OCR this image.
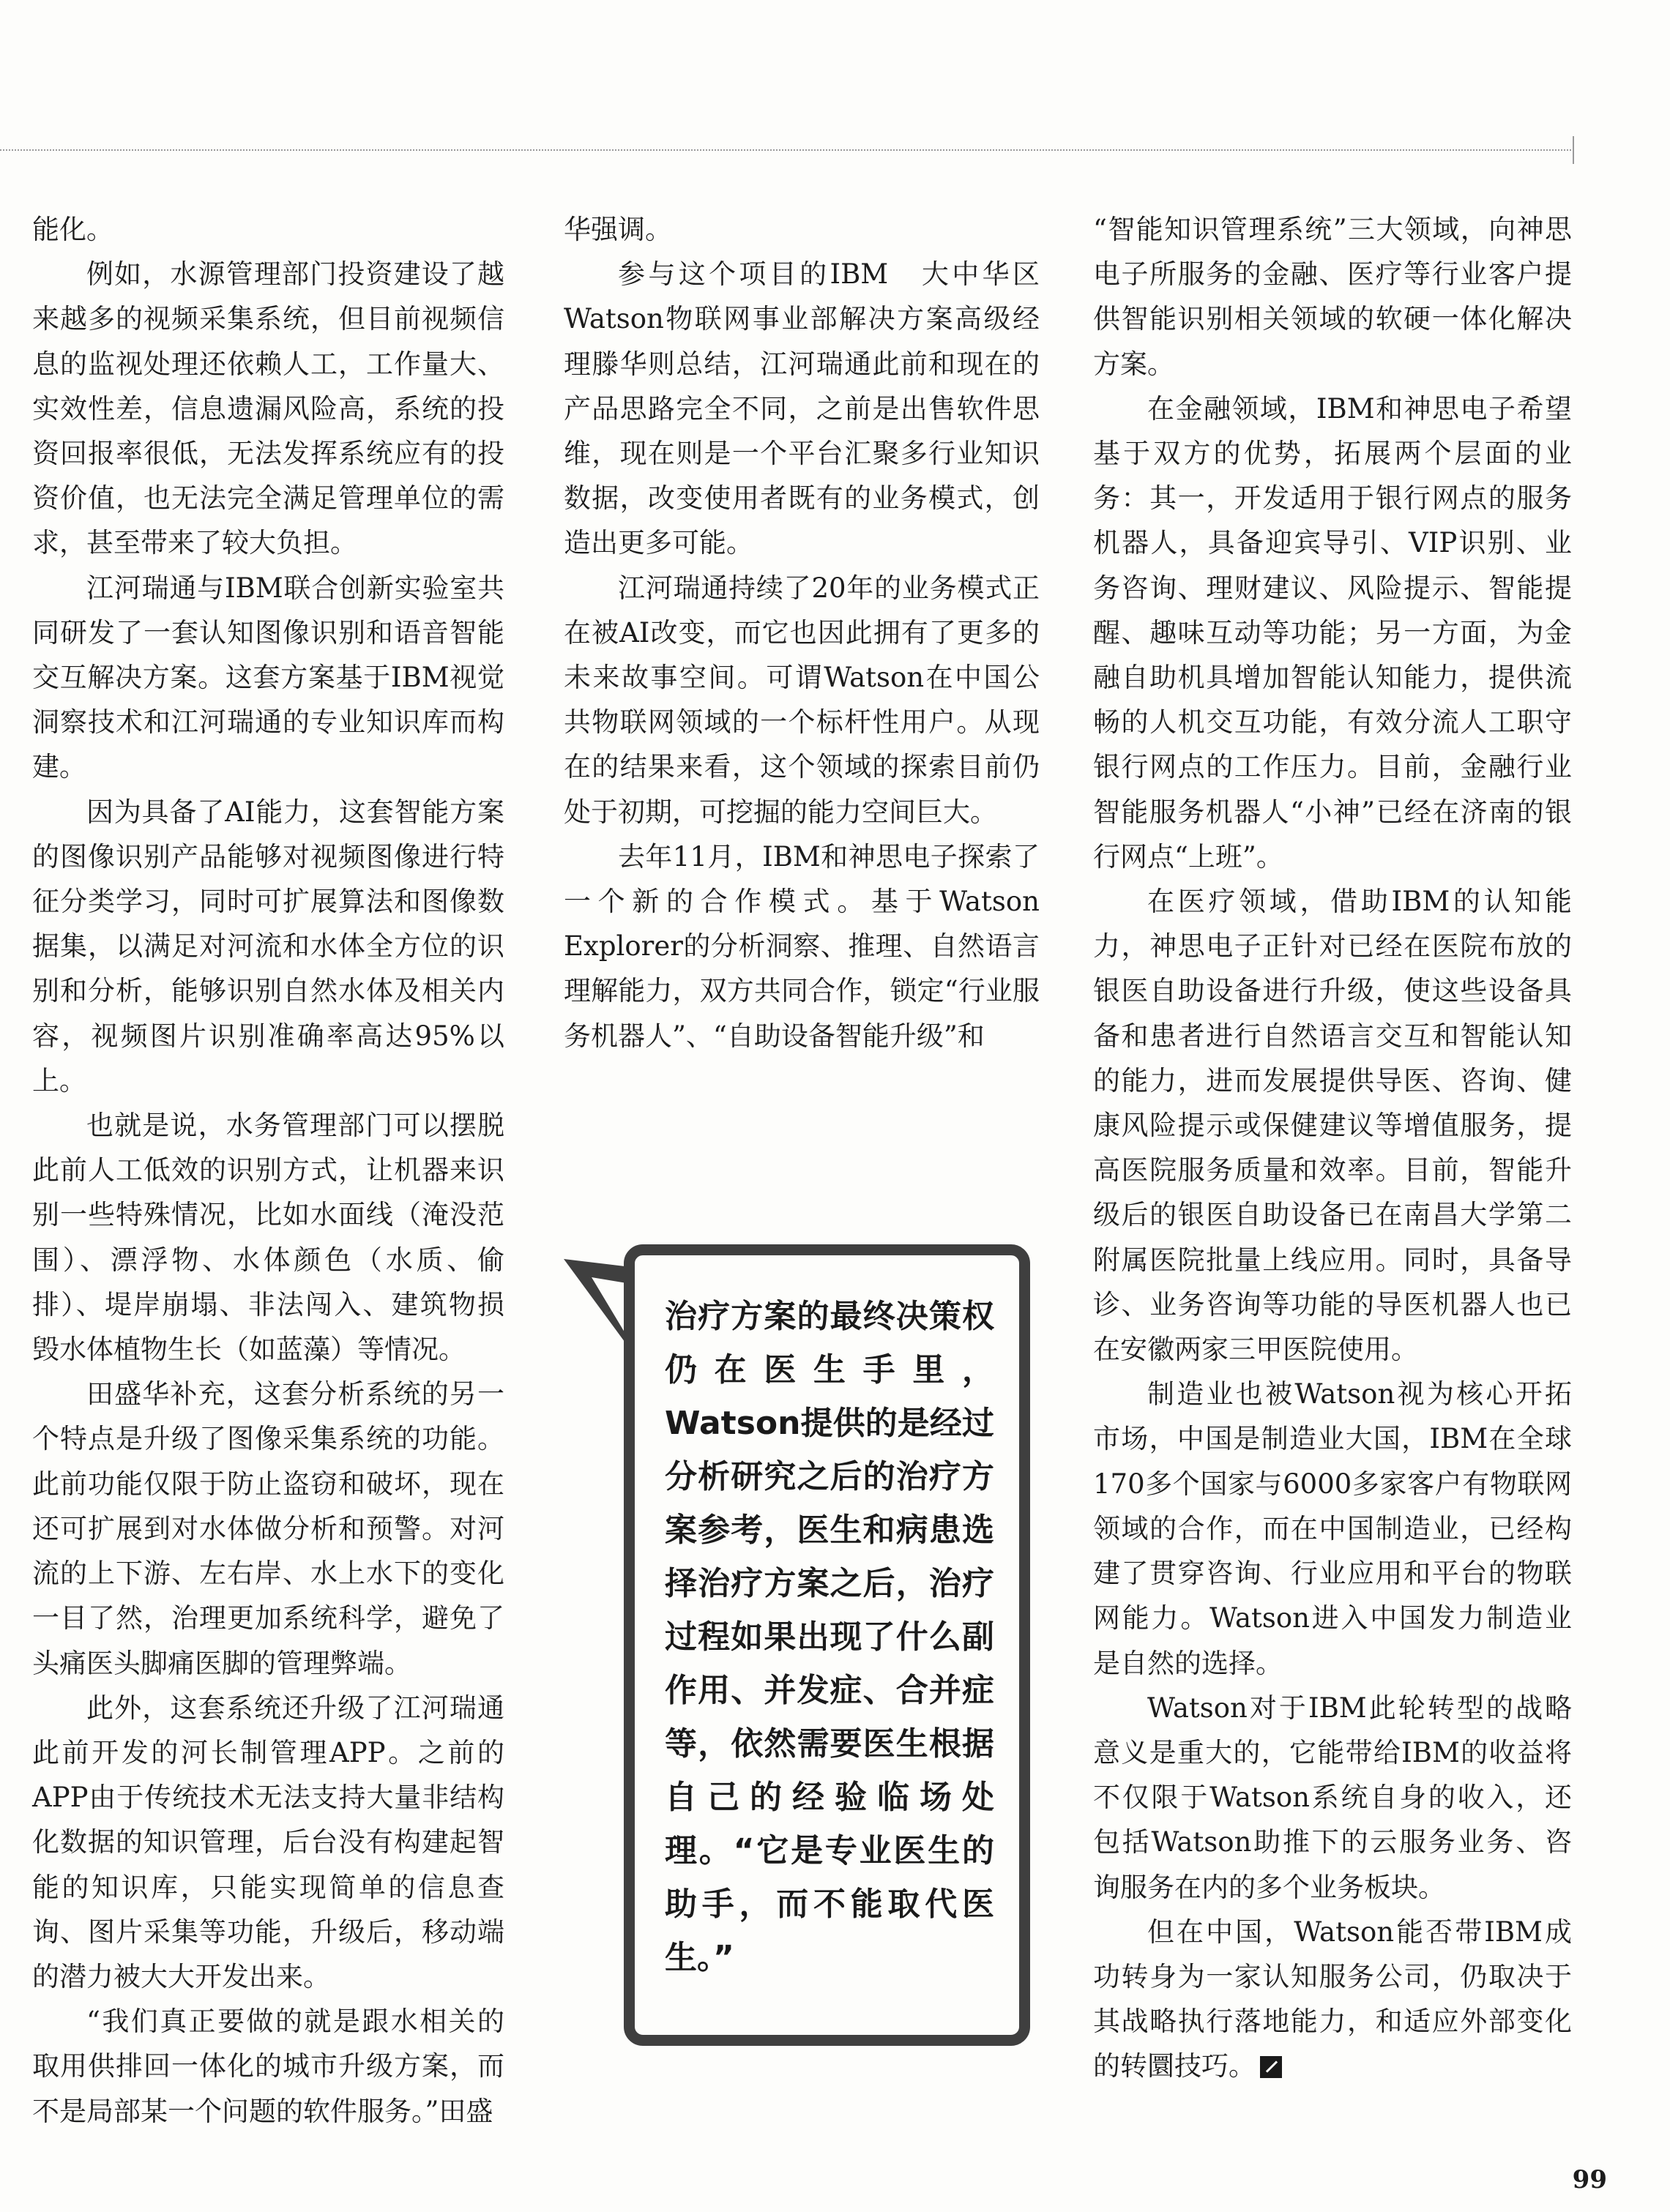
能化。

例如，水源管理部门投资建设了越来越多的视频采集系统，但目前视频信息的监视处理还依赖人工，工作量大、实效性差，信息遗漏风险高，系统的投资回报率很低，无法发挥系统应有的投资价值，也无法完全满足管理单位的需求，甚至带来了较大负担。

江河瑞通与IBM联合创新实验室共同研发了一套认知图像识别和语音智能交互解决方案。这套方案基于IBM视觉洞察技术和江河瑞通的专业知识库而构建。

因为具备了AI能力，这套智能方案的图像识别产品能够对视频图像进行特征分类学习，同时可扩展算法和图像数据集，以满足对河流和水体全方位的识别和分析，能够识别自然水体及相关内容，视频图片识别准确率高达95%以上。

也就是说，水务管理部门可以摆脱此前人工低效的识别方式，让机器来识别一些特殊情况，比如水面线（淹没范围）、漂浮物、水体颜色（水质、偷排）、堤岸崩塌、非法闯入、建筑物损毁水体植物生长（如蓝藻）等情况。

田盛华补充，这套分析系统的另一个特点是升级了图像采集系统的功能。此前功能仅限于防止盗窃和破坏，现在还可扩展到对水体做分析和预警。对河流的上下游、左右岸、水上水下的变化一目了然，治理更加系统科学，避免了头痛医头脚痛医脚的管理弊端。

此外，这套系统还升级了江河瑞通此前开发的河长制管理APP。之前的APP由于传统技术无法支持大量非结构化数据的知识管理，后台没有构建起智能的知识库，只能实现简单的信息查询、图片采集等功能，升级后，移动端的潜力被大大开发出来。

“我们真正要做的就是跟水相关的取用供排回一体化的城市升级方案，而不是局部某一个问题的软件服务。”田盛

华强调。

参与这个项目的IBM　大中华区Watson物联网事业部解决方案高级经理滕华则总结，江河瑞通此前和现在的产品思路完全不同，之前是出售软件思维，现在则是一个平台汇聚多行业知识数据，改变使用者既有的业务模式，创造出更多可能。

江河瑞通持续了20年的业务模式正在被AI改变，而它也因此拥有了更多的未来故事空间。可谓Watson在中国公共物联网领域的一个标杆性用户。从现在的结果来看，这个领域的探索目前仍处于初期，可挖掘的能力空间巨大。

去年11月，IBM和神思电子探索了一个新的合作模式。基于Watson Explorer的分析洞察、推理、自然语言理解能力，双方共同合作，锁定“行业服务机器人”、“自助设备智能升级”和

“智能知识管理系统”三大领域，向神思电子所服务的金融、医疗等行业客户提供智能识别相关领域的软硬一体化解决方案。

在金融领域，IBM和神思电子希望基于双方的优势，拓展两个层面的业务：其一，开发适用于银行网点的服务机器人，具备迎宾导引、VIP识别、业务咨询、理财建议、风险提示、智能提醒、趣味互动等功能；另一方面，为金融自助机具增加智能认知能力，提供流畅的人机交互功能，有效分流人工职守银行网点的工作压力。目前，金融行业智能服务机器人“小神”已经在济南的银行网点“上班”。

在医疗领域，借助IBM的认知能力，神思电子正针对已经在医院布放的银医自助设备进行升级，使这些设备具备和患者进行自然语言交互和智能认知的能力，进而发展提供导医、咨询、健康风险提示或保健建议等增值服务，提高医院服务质量和效率。目前，智能升级后的银医自助设备已在南昌大学第二附属医院批量上线应用。同时，具备导诊、业务咨询等功能的导医机器人也已在安徽两家三甲医院使用。

制造业也被Watson视为核心开拓市场，中国是制造业大国，IBM在全球170多个国家与6000多家客户有物联网领域的合作，而在中国制造业，已经构建了贯穿咨询、行业应用和平台的物联网能力。Watson进入中国发力制造业是自然的选择。

Watson对于IBM此轮转型的战略意义是重大的，它能带给IBM的收益将不仅限于Watson系统自身的收入，还包括Watson助推下的云服务业务、咨询服务在内的多个业务板块。

但在中国，Watson能否带IBM成功转身为一家认知服务公司，仍取决于其战略执行落地能力，和适应外部变化的转圜技巧。

治疗方案的最终决策权仍在医生手里，Watson提供的是经过分析研究之后的治疗方案参考，医生和病患选择治疗方案之后，治疗过程如果出现了什么副作用、并发症、合并症等，依然需要医生根据自己的经验临场处理。“它是专业医生的助手，而不能取代医生。”
99
